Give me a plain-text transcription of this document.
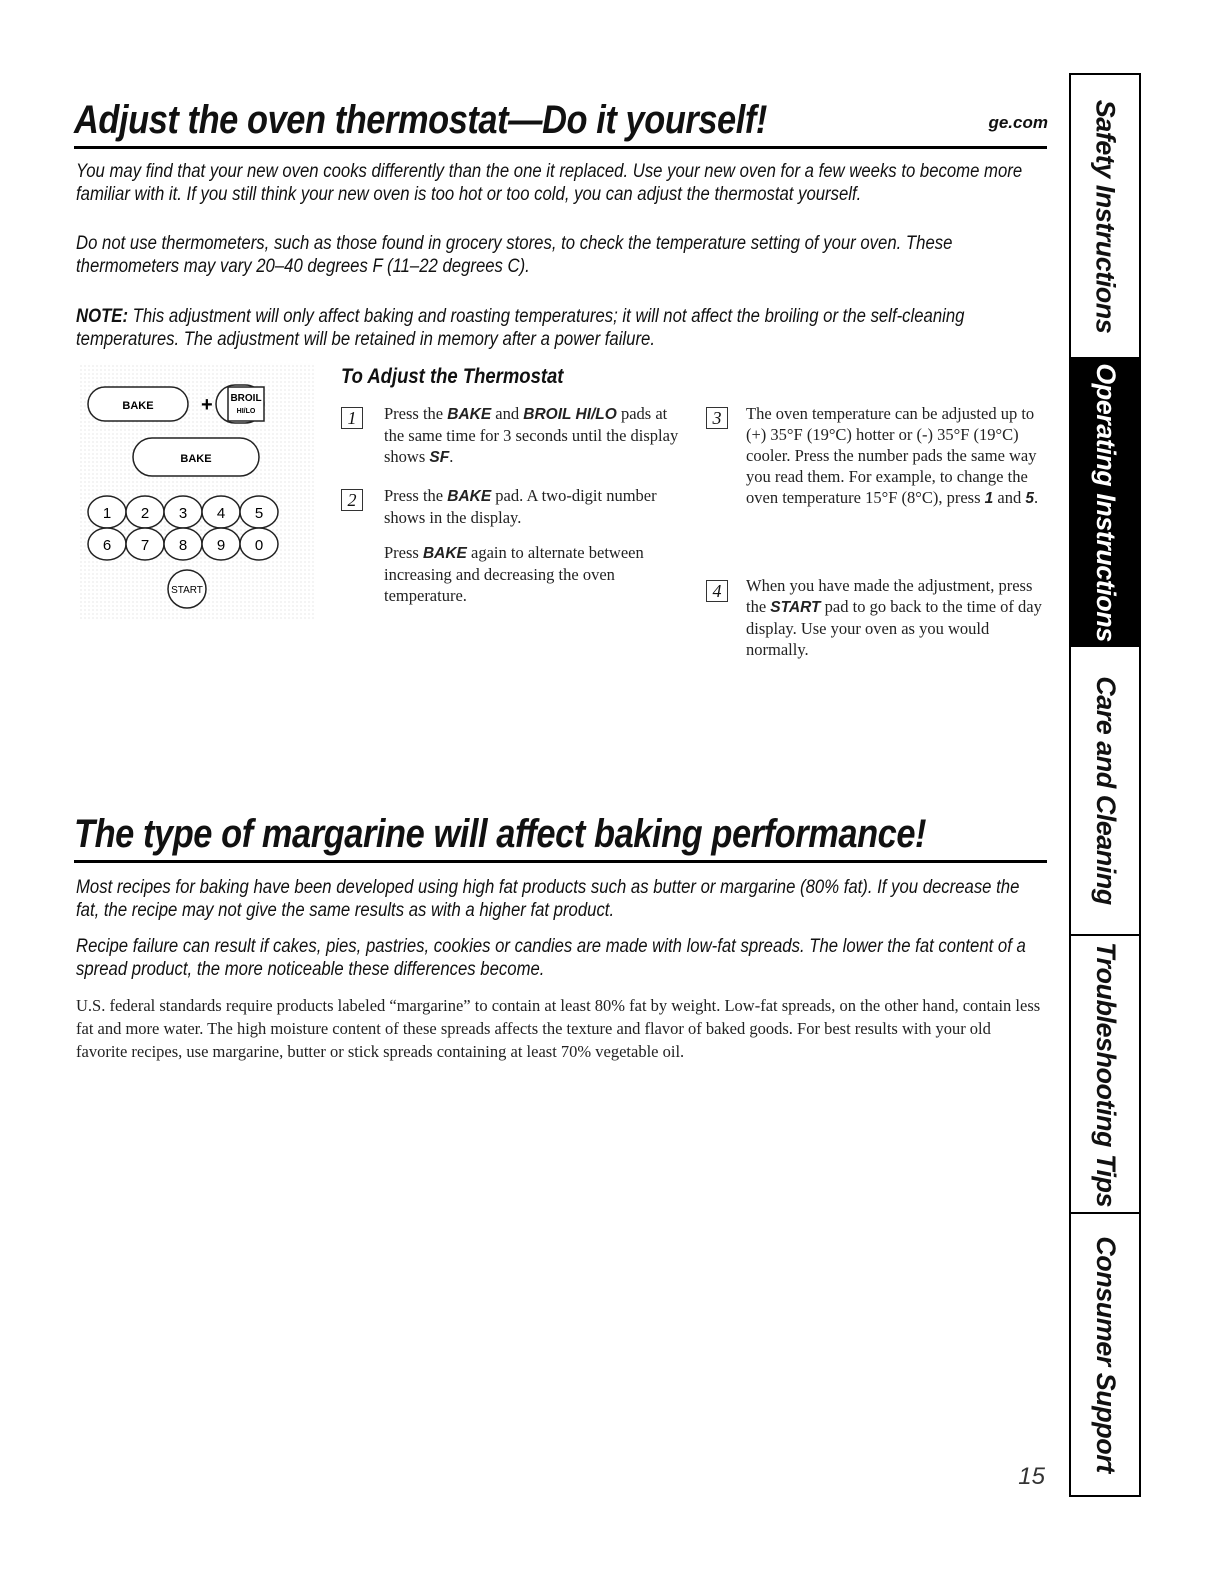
Adjust the oven thermostat—Do it yourself!	ge.com
You may find that your new oven cooks differently than the one it replaced. Use your new oven for a few weeks to become more familiar with it. If you still think your new oven is too hot or too cold, you can adjust the thermostat yourself.
Do not use thermometers, such as those found in grocery stores, to check the temperature setting of your oven. These thermometers may vary 20–40 degrees F (11–22 degrees C).
NOTE: This adjustment will only affect baking and roasting temperatures; it will not affect the broiling or the self-cleaning temperatures. The adjustment will be retained in memory after a power failure.
BAKE + BROIL
HI/LO
BAKE
1 2 3 4 5
6 7 8 9 0
START
To Adjust the Thermostat
1	Press the BAKE and BROIL HI/LO pads at the same time for 3 seconds until the display shows SF.
2	Press the BAKE pad. A two-digit number shows in the display.
Press BAKE again to alternate between increasing and decreasing the oven temperature.
3	The oven temperature can be adjusted up to (+) 35°F (19°C) hotter or (-) 35°F (19°C) cooler. Press the number pads the same way you read them. For example, to change the oven temperature 15°F (8°C), press 1 and 5.
4	When you have made the adjustment, press the START pad to go back to the time of day display. Use your oven as you would normally.
The type of margarine will affect baking performance!
Most recipes for baking have been developed using high fat products such as butter or margarine (80% fat). If you decrease the fat, the recipe may not give the same results as with a higher fat product.
Recipe failure can result if cakes, pies, pastries, cookies or candies are made with low-fat spreads. The lower the fat content of a spread product, the more noticeable these differences become.
U.S. federal standards require products labeled “margarine” to contain at least 80% fat by weight. Low-fat spreads, on the other hand, contain less fat and more water. The high moisture content of these spreads affects the texture and flavor of baked goods. For best results with your old favorite recipes, use margarine, butter or stick spreads containing at least 70% vegetable oil.
Safety Instructions
Operating Instructions
Care and Cleaning
Troubleshooting Tips
Consumer Support
15
